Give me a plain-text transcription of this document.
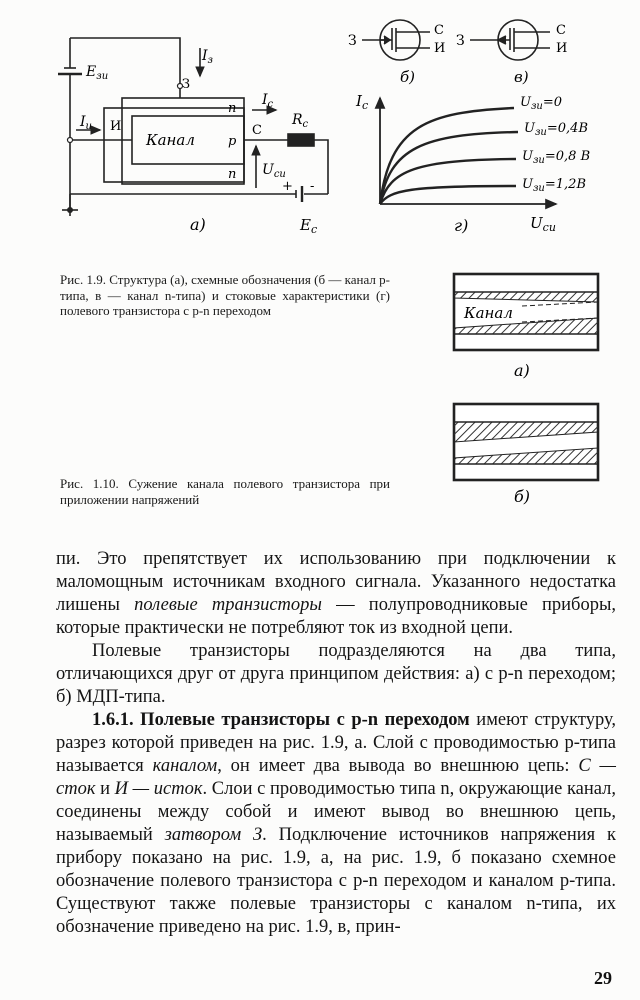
$E_{зи}$
$I_з$
З
$I_и$ И
n
n
Канал	p
С
$I_с$
$R_с$
$U_{си}$
+ -
$E_с$
а)
З
С
И
б)
З
С
И
в)
$I_с$
$U_{си}$
$U_{зи}=0$
$U_{зи}=0,4В$
$U_{зи}=0,8$ В
$U_{зи}=1,2В$
г)
Рис. 1.9. Структура (а), схемные обозначения (б — канал p-типа, в — канал n-типа) и стоковые характеристики (г) полевого транзистора с p-n переходом	Канал
а)
б)
Рис. 1.10. Сужение канала полевого транзистора при приложении напряжений

пи. Это препятствует их использованию при подключении к маломощным источникам входного сигнала. Указанного недостатка лишены полевые транзисторы — полупроводниковые приборы, которые практически не потребляют ток из входной цепи.

Полевые транзисторы подразделяются на два типа, отличающихся друг от друга принципом действия: а) с p-n переходом; б) МДП-типа.

1.6.1. Полевые транзисторы с p-n переходом имеют структуру, разрез которой приведен на рис. 1.9, а. Слой с проводимостью p-типа называется каналом, он имеет два вывода во внешнюю цепь: С — сток и И — исток. Слои с проводимостью типа n, окружающие канал, соединены между собой и имеют вывод во внешнюю цепь, называемый затвором З. Подключение источников напряжения к прибору показано на рис. 1.9, а, на рис. 1.9, б показано схемное обозначение полевого транзистора с p-n переходом и каналом p-типа. Существуют также полевые транзисторы с каналом n-типа, их обозначение приведено на рис. 1.9, в, прин-

29
